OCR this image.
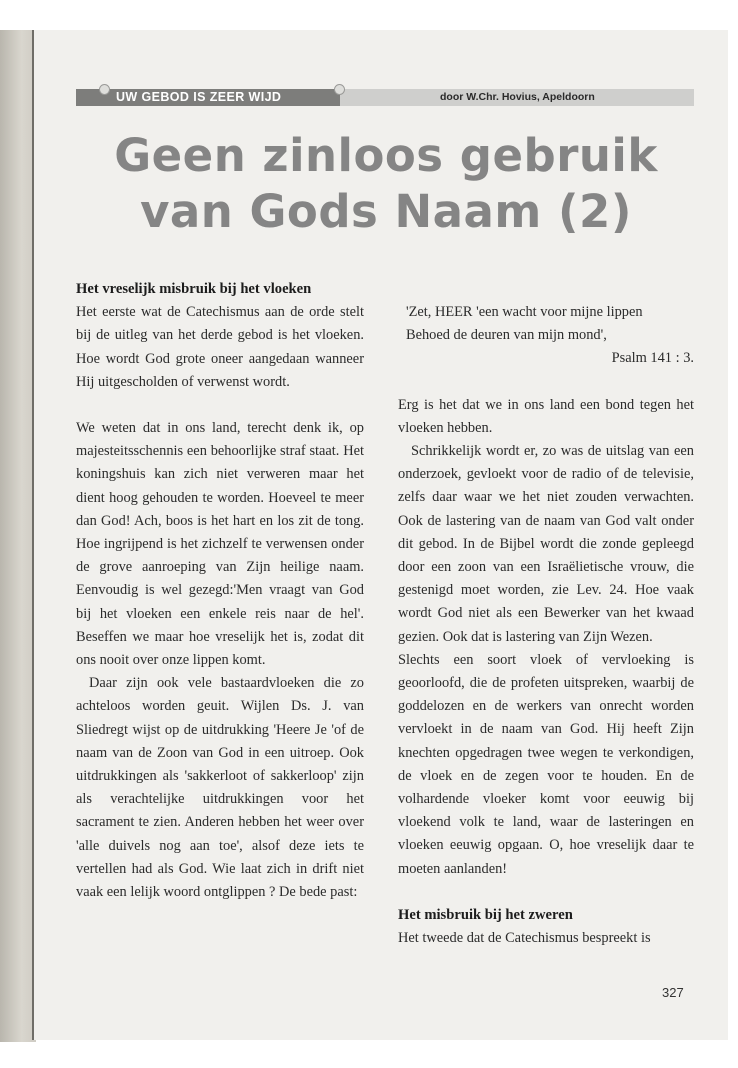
UW GEBOD IS ZEER WIJD	door W.Chr. Hovius, Apeldoorn
Geen zinloos gebruik
van Gods Naam (2)

Het vreselijk misbruik bij het vloeken

Het eerste wat de Catechismus aan de orde stelt bij de uitleg van het derde gebod is het vloeken. Hoe wordt God grote oneer aangedaan wanneer Hij uitgescholden of verwenst wordt.

We weten dat in ons land, terecht denk ik, op majesteitsschennis een behoorlijke straf staat. Het koningshuis kan zich niet verweren maar het dient hoog gehouden te worden. Hoeveel te meer dan God! Ach, boos is het hart en los zit de tong. Hoe ingrijpend is het zichzelf te verwensen onder de grove aanroeping van Zijn heilige naam. Eenvoudig is wel gezegd:'Men vraagt van God bij het vloeken een enkele reis naar de hel'. Beseffen we maar hoe vreselijk het is, zodat dit ons nooit over onze lippen komt.

Daar zijn ook vele bastaardvloeken die zo achteloos worden geuit. Wijlen Ds. J. van Sliedregt wijst op de uitdrukking 'Heere Je 'of de naam van de Zoon van God in een uitroep. Ook uitdrukkingen als 'sakkerloot of sakkerloop' zijn als verachtelijke uitdrukkingen voor het sacrament te zien. Anderen hebben het weer over 'alle duivels nog aan toe', alsof deze iets te vertellen had als God. Wie laat zich in drift niet vaak een lelijk woord ontglippen ? De bede past:

'Zet, HEER 'een wacht voor mijne lippen

Behoed de deuren van mijn mond',

Psalm 141 : 3.

Erg is het dat we in ons land een bond tegen het vloeken hebben.

Schrikkelijk wordt er, zo was de uitslag van een onderzoek, gevloekt voor de radio of de televisie, zelfs daar waar we het niet zouden verwachten. Ook de lastering van de naam van God valt onder dit gebod. In de Bijbel wordt die zonde gepleegd door een zoon van een Israëlietische vrouw, die gestenigd moet worden, zie Lev. 24. Hoe vaak wordt God niet als een Bewerker van het kwaad gezien. Ook dat is lastering van Zijn Wezen.

Slechts een soort vloek of vervloeking is geoorloofd, die de profeten uitspreken, waarbij de goddelozen en de werkers van onrecht worden vervloekt in de naam van God. Hij heeft Zijn knechten opgedragen twee wegen te verkondigen, de vloek en de zegen voor te houden. En de volhardende vloeker komt voor eeuwig bij vloekend volk te land, waar de lasteringen en vloeken eeuwig opgaan. O, hoe vreselijk daar te moeten aanlanden!

Het misbruik bij het zweren

Het tweede dat de Catechismus bespreekt is

327
